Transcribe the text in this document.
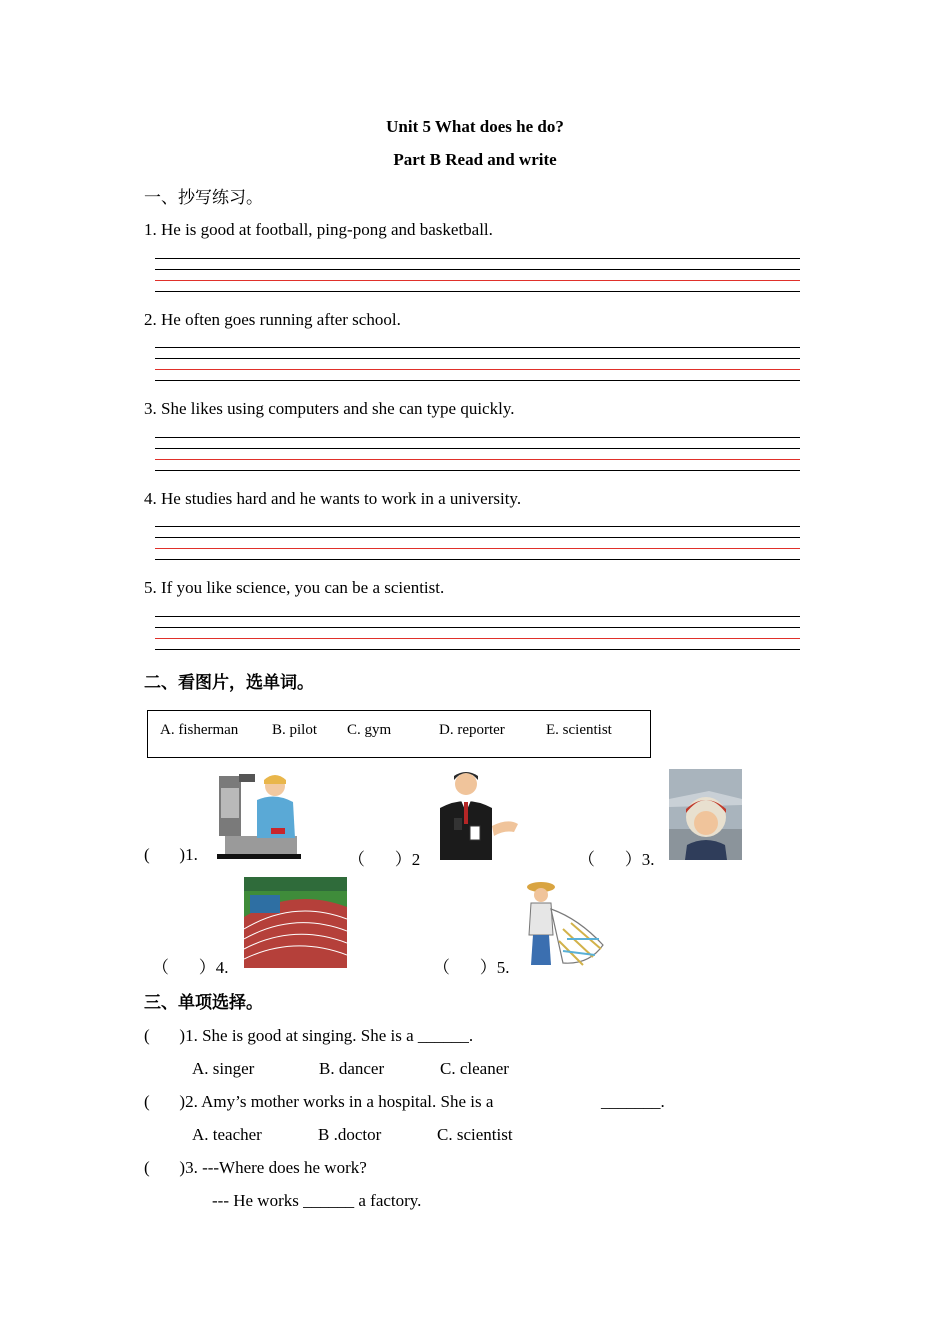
Unit 5 What does he do?
Part B Read and write
一、抄写练习。
1. He is good at football, ping-pong and basketball.
2. He often goes running after school.
3. She likes using computers and she can type quickly.
4. He studies hard and he wants to work in a university.
5. If you like science, you can be a scientist.
二、看图片，选单词。
A. fisherman B. pilot C. gym	D. reporter	E. scientist
(       )1.	（       ）2	（       ）3.
（       ）4.	（       ）5.
三、单项选择。
(       )1. She is good at singing. She is a ______.
A. singer	B. dancer	C. cleaner
(       )2. Amy’s mother works in a hospital. She is a	_______.
A. teacher	B .doctor	C. scientist
(       )3. ---Where does he work?
--- He works ______ a factory.
